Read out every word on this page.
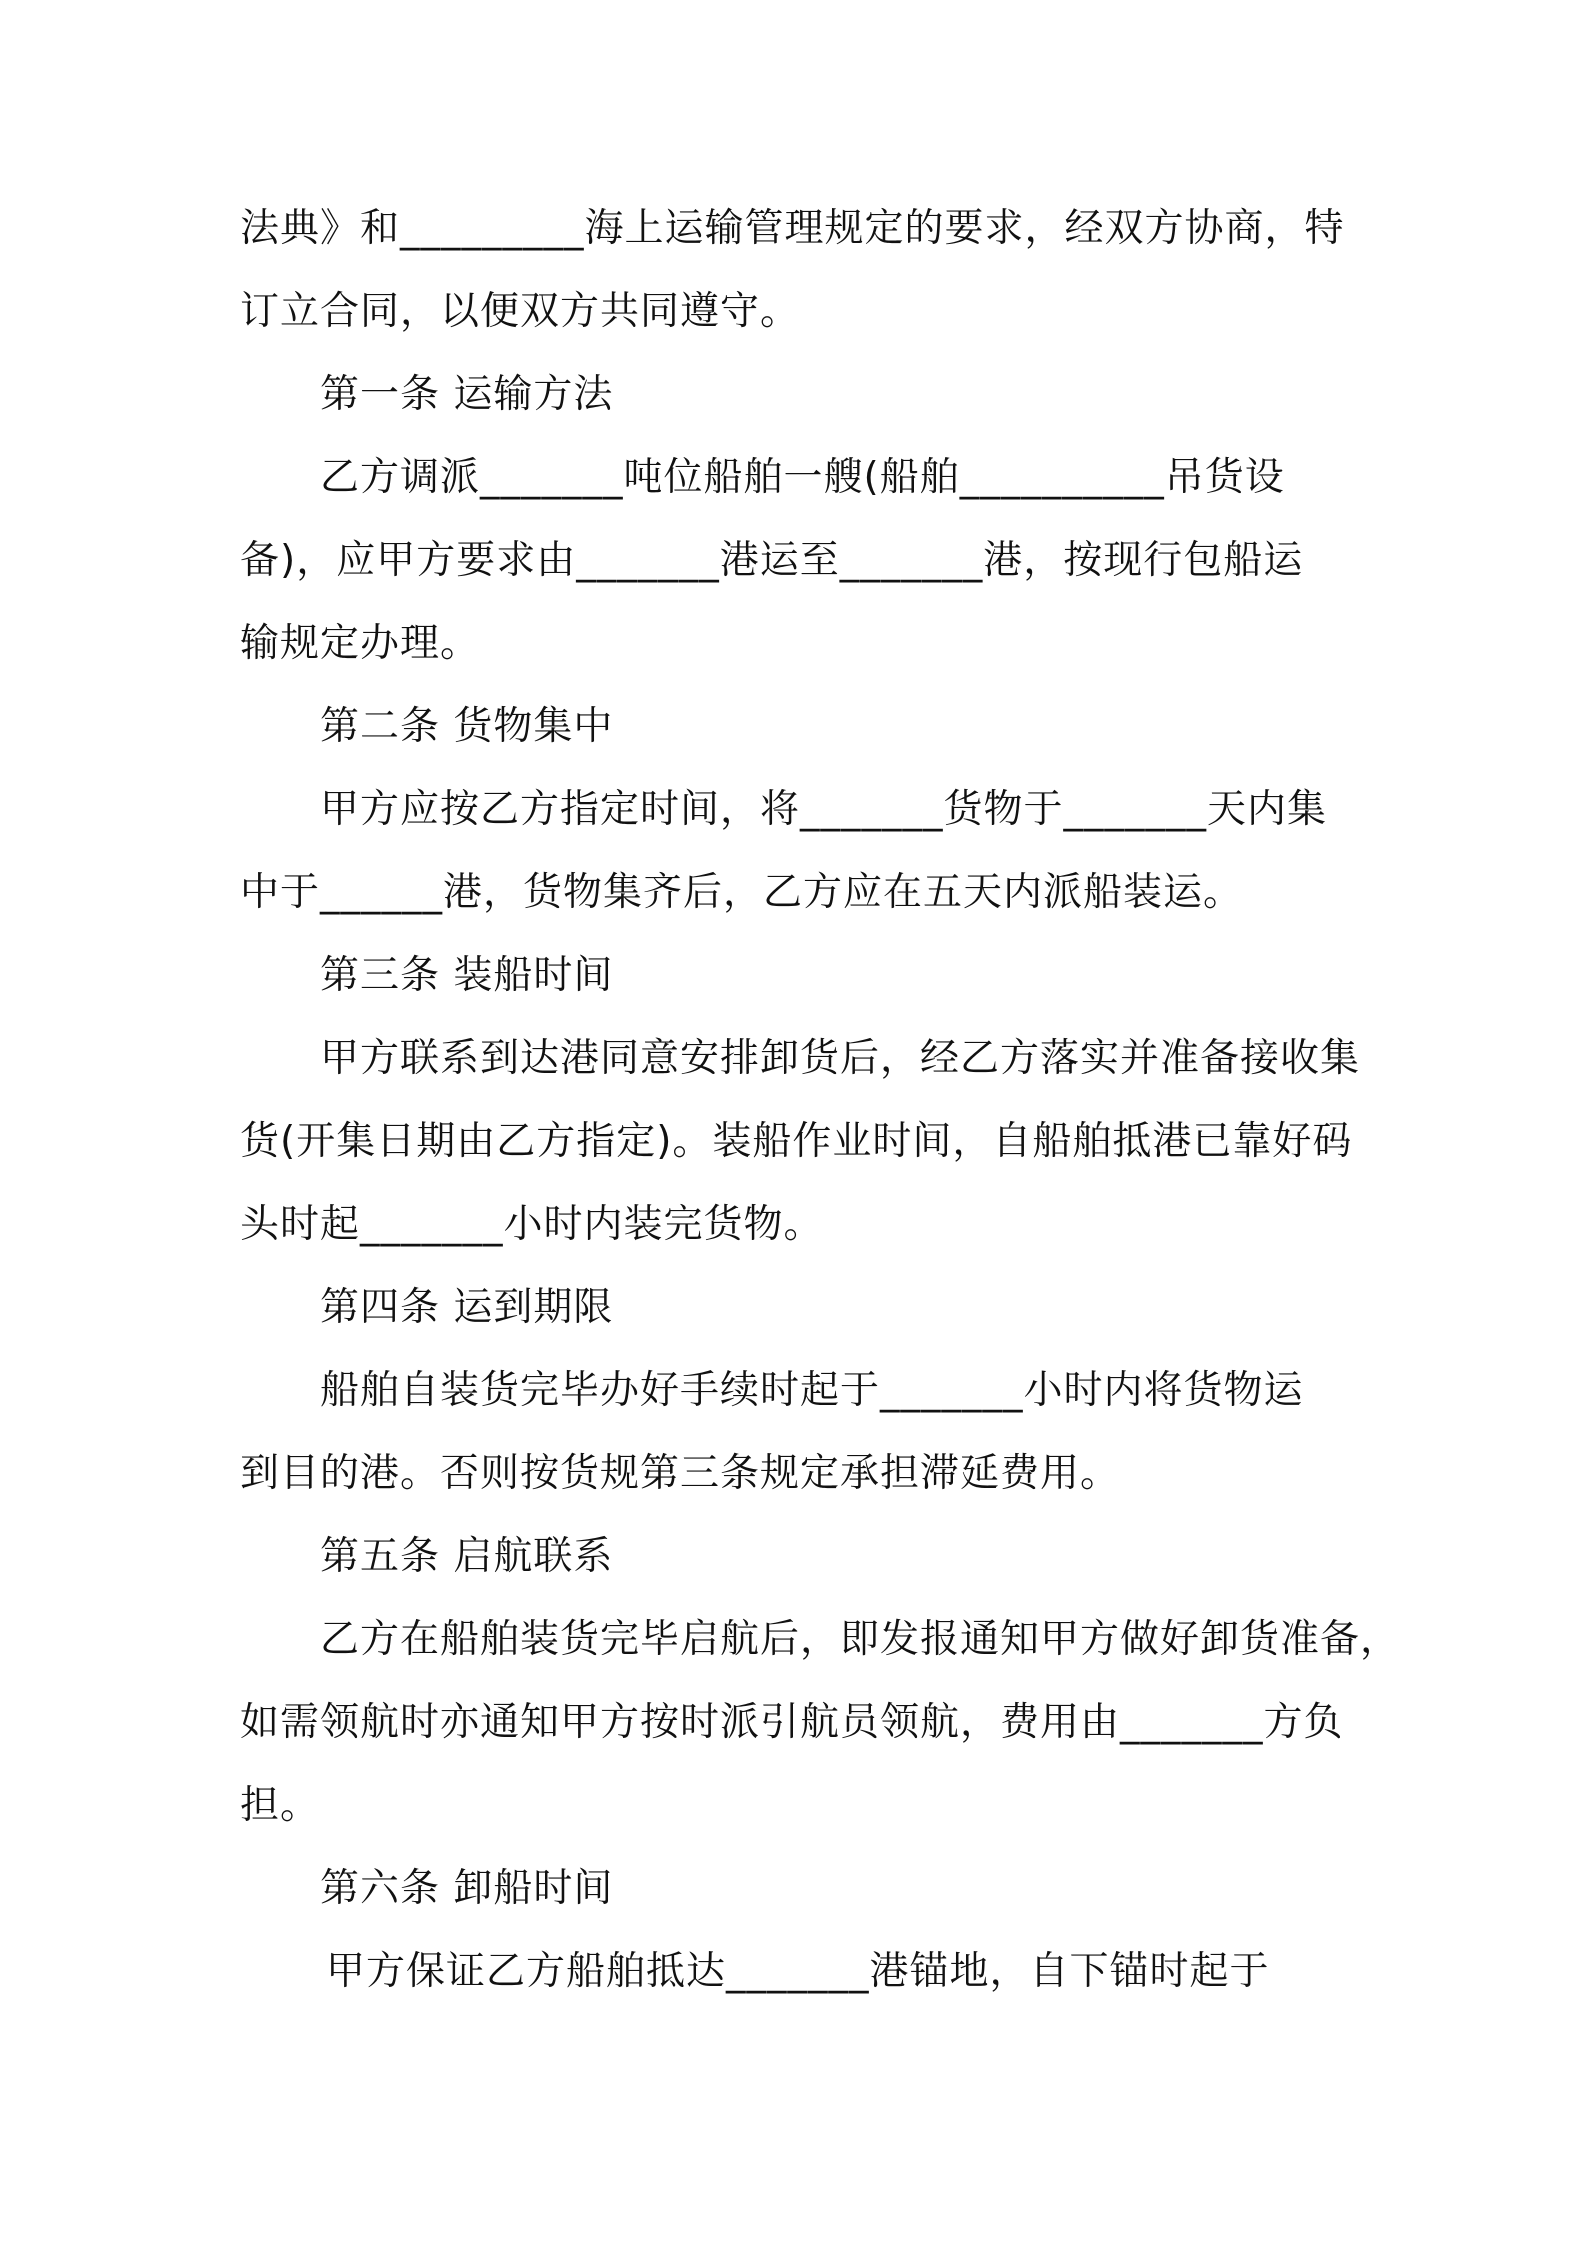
法典》和_________海上运输管理规定的要求，经双方协商，特

订立合同，以便双方共同遵守。

第一条 运输方法

乙方调派_______吨位船舶一艘(船舶__________吊货设

备)，应甲方要求由_______港运至_______港，按现行包船运

输规定办理。

第二条 货物集中

甲方应按乙方指定时间，将_______货物于_______天内集

中于______港，货物集齐后，乙方应在五天内派船装运。

第三条 装船时间

甲方联系到达港同意安排卸货后，经乙方落实并准备接收集

货(开集日期由乙方指定)。装船作业时间，自船舶抵港已靠好码

头时起_______小时内装完货物。

第四条 运到期限

船舶自装货完毕办好手续时起于_______小时内将货物运

到目的港。否则按货规第三条规定承担滞延费用。

第五条 启航联系

乙方在船舶装货完毕启航后，即发报通知甲方做好卸货准备，

如需领航时亦通知甲方按时派引航员领航，费用由_______方负

担。

第六条 卸船时间

甲方保证乙方船舶抵达_______港锚地，自下锚时起于
